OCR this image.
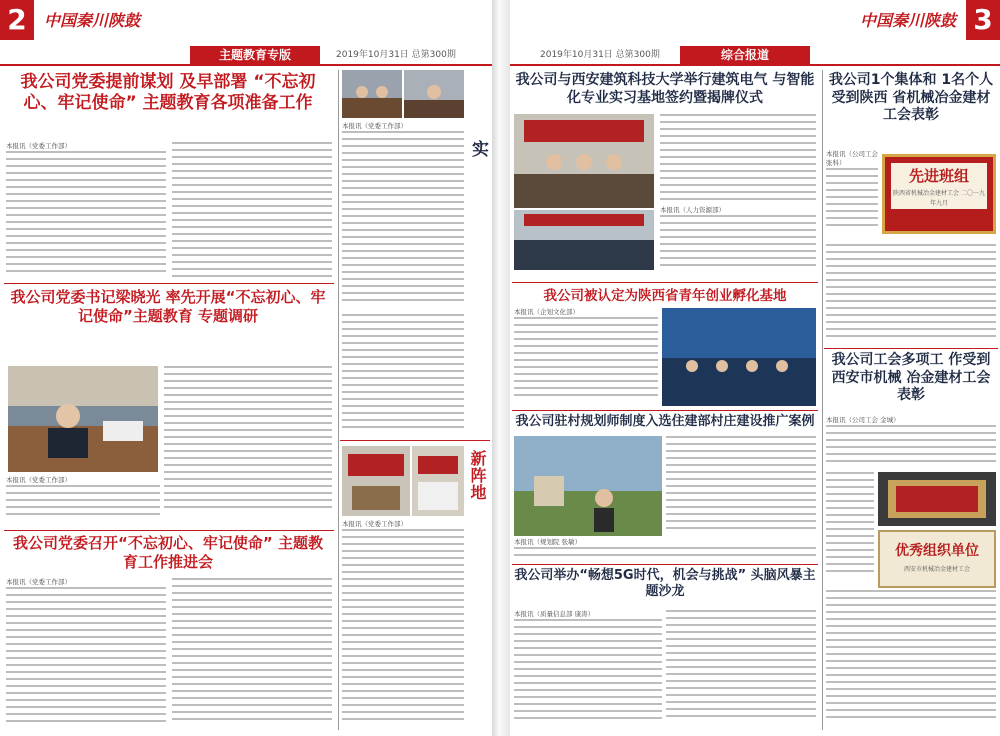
2	中国秦川陕鼓
主题教育专版	2019年10月31日 总第300期
我公司党委提前谋划 及早部署 “不忘初心、牢记使命” 主题教育各项准备工作
本报讯（党委工作部）
我公司党委书记梁晓光 率先开展“不忘初心、牢记使命”主题教育 专题调研
本报讯（党委工作部）
我公司党委召开“不忘初心、牢记使命” 主题教育工作推进会
本报讯（党委工作部）
本报讯（党委工作部）
实
本报讯（党委工作部）
新阵地
2019年10月31日 总第300期	综合报道
中国秦川陕鼓 3
我公司与西安建筑科技大学举行建筑电气 与智能化专业实习基地签约暨揭牌仪式
本报讯（人力资源部）
我公司被认定为陕西省青年创业孵化基地
本报讯（企划文化部）
我公司驻村规划师制度入选住建部村庄建设推广案例
本报讯（规划院 张敏）
我公司举办“畅想5G时代，机会与挑战” 头脑风暴主题沙龙
本报讯（质量信息部 康涛）
我公司1个集体和 1名个人受到陕西 省机械冶金建材工会表彰
本报讯（公司工会 张科）
先进班组
陕西省机械冶金建材工会 二〇一九年九月
我公司工会多项工 作受到西安市机械 冶金建材工会表彰
本报讯（公司工会 金城）
优秀组织单位
西安市机械冶金建材工会
